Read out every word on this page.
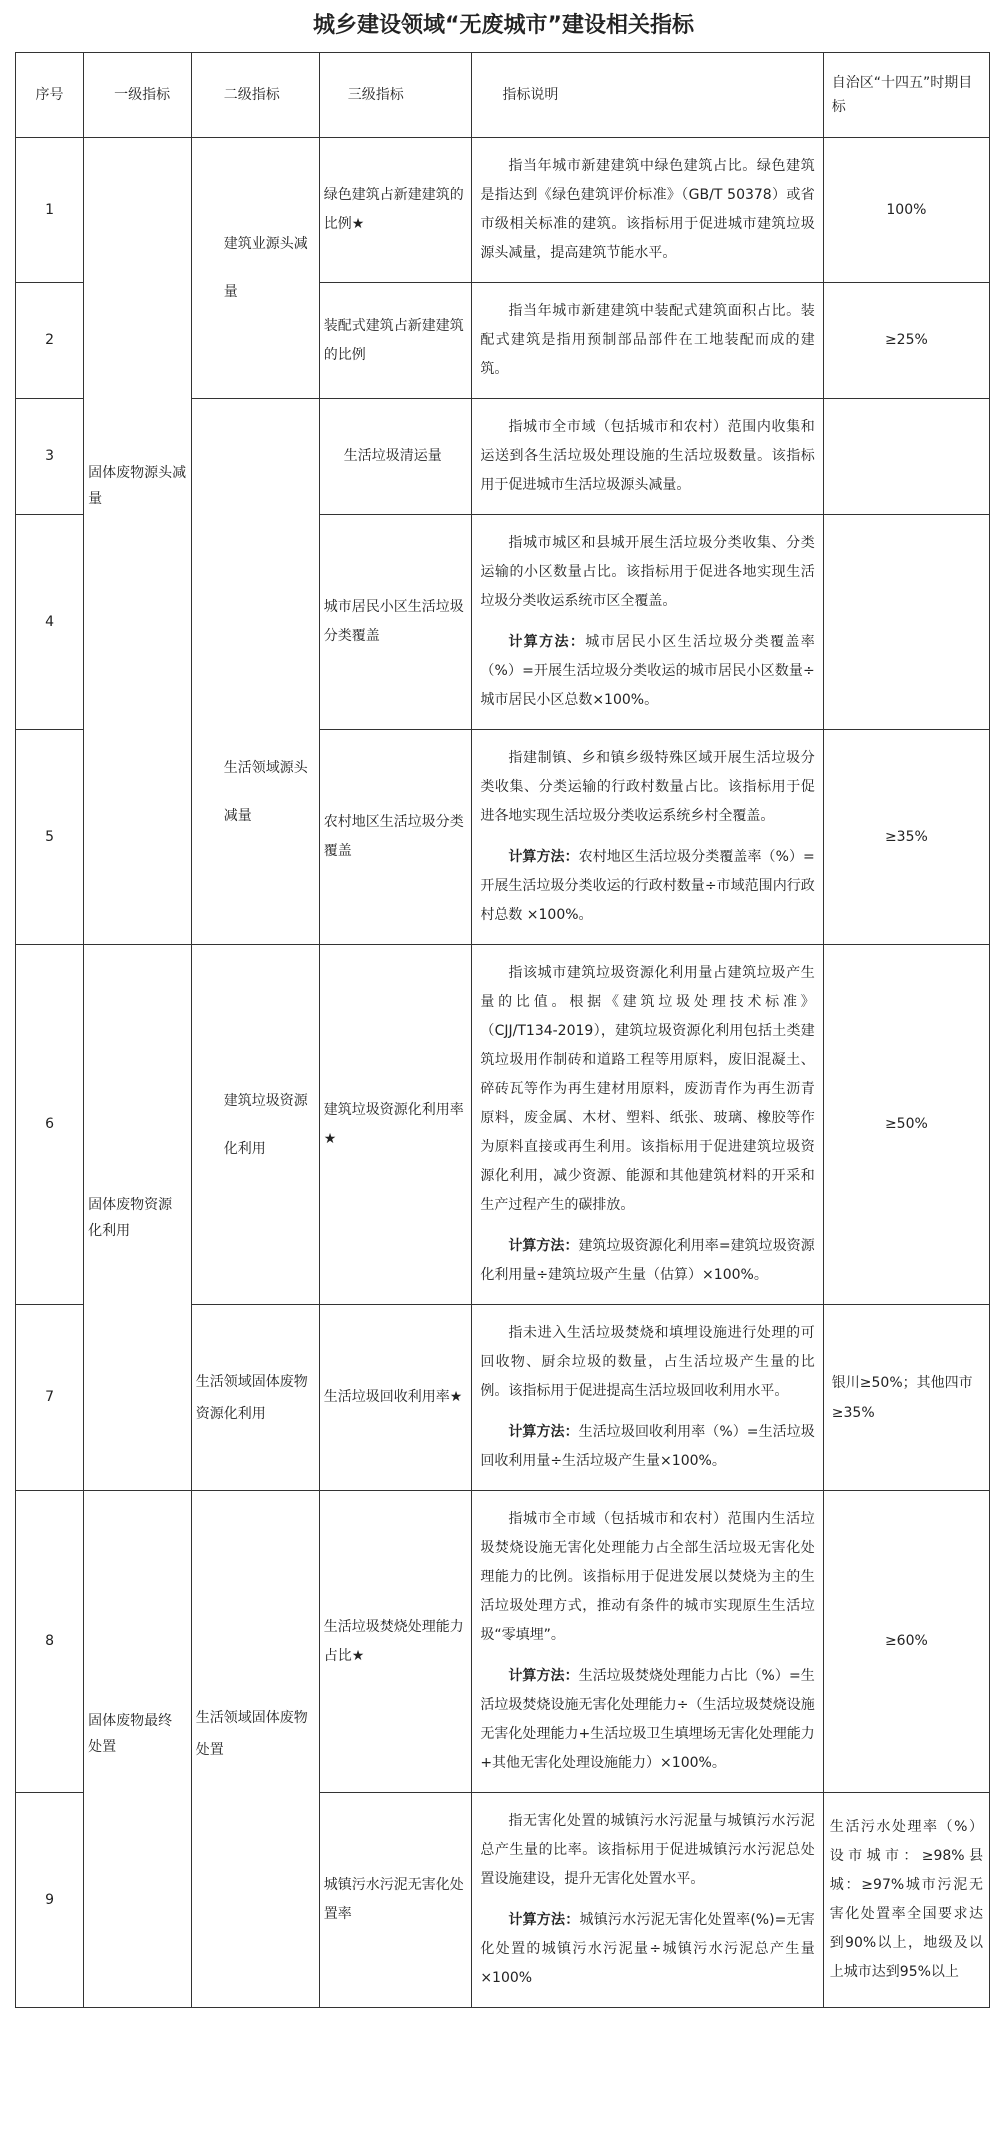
城乡建设领域“无废城市”建设相关指标
序号	一级指标	二级指标	三级指标	指标说明	自治区“十四五”时期目标
1	固体废物源头减量	建筑业源头减量	绿色建筑占新建建筑的比例★	指当年城市新建建筑中绿色建筑占比。绿色建筑是指达到《绿色建筑评价标准》（GB/T 50378）或省市级相关标准的建筑。该指标用于促进城市建筑垃圾源头减量，提高建筑节能水平。	100%
2			装配式建筑占新建建筑的比例	指当年城市新建建筑中装配式建筑面积占比。装配式建筑是指用预制部品部件在工地装配而成的建筑。	≥25%
3		生活领域源头减量	生活垃圾清运量	指城市全市域（包括城市和农村）范围内收集和运送到各生活垃圾处理设施的生活垃圾数量。该指标用于促进城市生活垃圾源头减量。	

4			城市居民小区生活垃圾分类覆盖	指城市城区和县城开展生活垃圾分类收集、分类运输的小区数量占比。该指标用于促进各地实现生活垃圾分类收运系统市区全覆盖。

计算方法：城市居民小区生活垃圾分类覆盖率（%）=开展生活垃圾分类收运的城市居民小区数量÷城市居民小区总数×100%。	

5			农村地区生活垃圾分类覆盖	指建制镇、乡和镇乡级特殊区域开展生活垃圾分类收集、分类运输的行政村数量占比。该指标用于促进各地实现生活垃圾分类收运系统乡村全覆盖。

计算方法：农村地区生活垃圾分类覆盖率（%）=开展生活垃圾分类收运的行政村数量÷市域范围内行政村总数 ×100%。	≥35%
6	固体废物资源化利用	建筑垃圾资源化利用	建筑垃圾资源化利用率★	指该城市建筑垃圾资源化利用量占建筑垃圾产生量的比值。根据《建筑垃圾处理技术标准》（CJJ/T134-2019），建筑垃圾资源化利用包括土类建筑垃圾用作制砖和道路工程等用原料，废旧混凝土、碎砖瓦等作为再生建材用原料，废沥青作为再生沥青原料，废金属、木材、塑料、纸张、玻璃、橡胶等作为原料直接或再生利用。该指标用于促进建筑垃圾资源化利用，减少资源、能源和其他建筑材料的开采和生产过程产生的碳排放。

计算方法：建筑垃圾资源化利用率=建筑垃圾资源化利用量÷建筑垃圾产生量（估算）×100%。	≥50%
7		生活领域固体废物资源化利用	生活垃圾回收利用率★	指未进入生活垃圾焚烧和填埋设施进行处理的可回收物、厨余垃圾的数量，占生活垃圾产生量的比例。该指标用于促进提高生活垃圾回收利用水平。

计算方法：生活垃圾回收利用率（%）=生活垃圾回收利用量÷生活垃圾产生量×100%。	银川≥50%；其他四市≥35%
8	固体废物最终处置	生活领域固体废物处置	生活垃圾焚烧处理能力占比★	指城市全市域（包括城市和农村）范围内生活垃圾焚烧设施无害化处理能力占全部生活垃圾无害化处理能力的比例。该指标用于促进发展以焚烧为主的生活垃圾处理方式，推动有条件的城市实现原生生活垃圾“零填埋”。

计算方法：生活垃圾焚烧处理能力占比（%）=生活垃圾焚烧设施无害化处理能力÷（生活垃圾焚烧设施无害化处理能力+生活垃圾卫生填埋场无害化处理能力+其他无害化处理设施能力）×100%。	≥60%
9			城镇污水污泥无害化处置率	指无害化处置的城镇污水污泥量与城镇污水污泥总产生量的比率。该指标用于促进城镇污水污泥总处置设施建设，提升无害化处置水平。

计算方法：城镇污水污泥无害化处置率(%)=无害化处置的城镇污水污泥量÷城镇污水污泥总产生量×100%	生活污水处理率（%）设市城市：≥98%县城：≥97%城市污泥无害化处置率全国要求达到90%以上，地级及以上城市达到95%以上
